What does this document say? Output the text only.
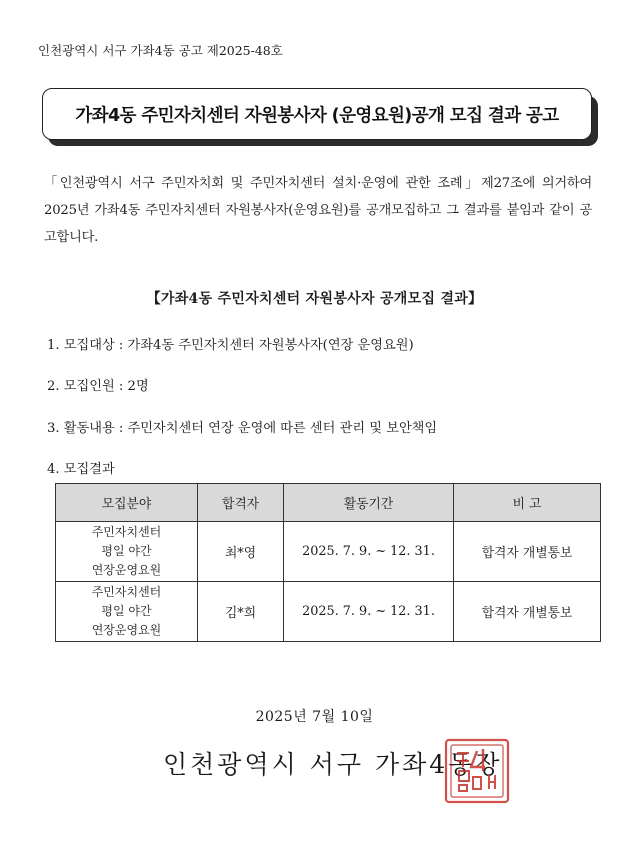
인천광역시 서구 가좌4동 공고 제2025-48호
가좌4동 주민자치센터 자원봉사자 (운영요원)공개 모집 결과 공고
「인천광역시 서구 주민자치회 및 주민자치센터 설치·운영에 관한 조례」제27조에 의거하여 2025년 가좌4동 주민자치센터 자원봉사자(운영요원)를 공개모집하고 그 결과를 붙임과 같이 공고합니다.
【가좌4동 주민자치센터 자원봉사자 공개모집 결과】
1. 모집대상 : 가좌4동 주민자치센터 자원봉사자(연장 운영요원)
2. 모집인원 : 2명
3. 활동내용 : 주민자치센터 연장 운영에 따른 센터 관리 및 보안책임
4. 모집결과
모집분야	합격자	활동기간	비 고

주민자치센터
평일 야간
연장운영요원	최*영	2025. 7. 9. ~ 12. 31.	합격자 개별통보

주민자치센터
평일 야간
연장운영요원	김*희	2025. 7. 9. ~ 12. 31.	합격자 개별통보
2025년 7월 10일
인천광역시 서구 가좌4동장
